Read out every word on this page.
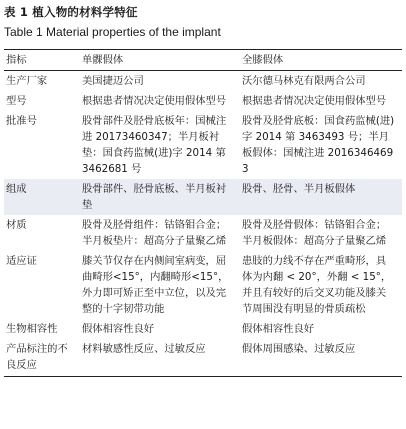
表 1 植入物的材料学特征
Table 1 Material properties of the implant
指标	单髁假体	全膝假体
生产厂家	美国捷迈公司	沃尔德马林克有限两合公司
型号	根据患者情况决定使用假体型号	根据患者情况决定使用假体型号
批准号	股骨部件及胫骨底板年：国械注进 20173460347；半月板衬垫：国食药监械(进)字 2014 第 3462681 号	股骨及胫骨底板：国食药监械(进)字 2014 第 3463493 号；半月板假体：国械注进 20163464693
组成	股骨部件、胫骨底板、半月板衬垫	股骨、胫骨、半月板假体
材质	股骨及胫骨组件：钴铬钼合金；半月板垫片：超高分子量聚乙烯	股骨及胫骨假体：钴铬钼合金；半月板假体：超高分子量聚乙烯
适应证	膝关节仅存在内侧间室病变，屈曲畸形<15°，内翻畸形<15°，外力即可矫正至中立位，以及完整的十字韧带功能	患肢的力线不存在严重畸形，具体为内翻 < 20°，外翻 < 15°，并且有较好的后交叉功能及膝关节周围没有明显的骨质疏松
生物相容性	假体相容性良好	假体相容性良好
产品标注的不良反应	材料敏感性反应、过敏反应	假体周围感染、过敏反应
